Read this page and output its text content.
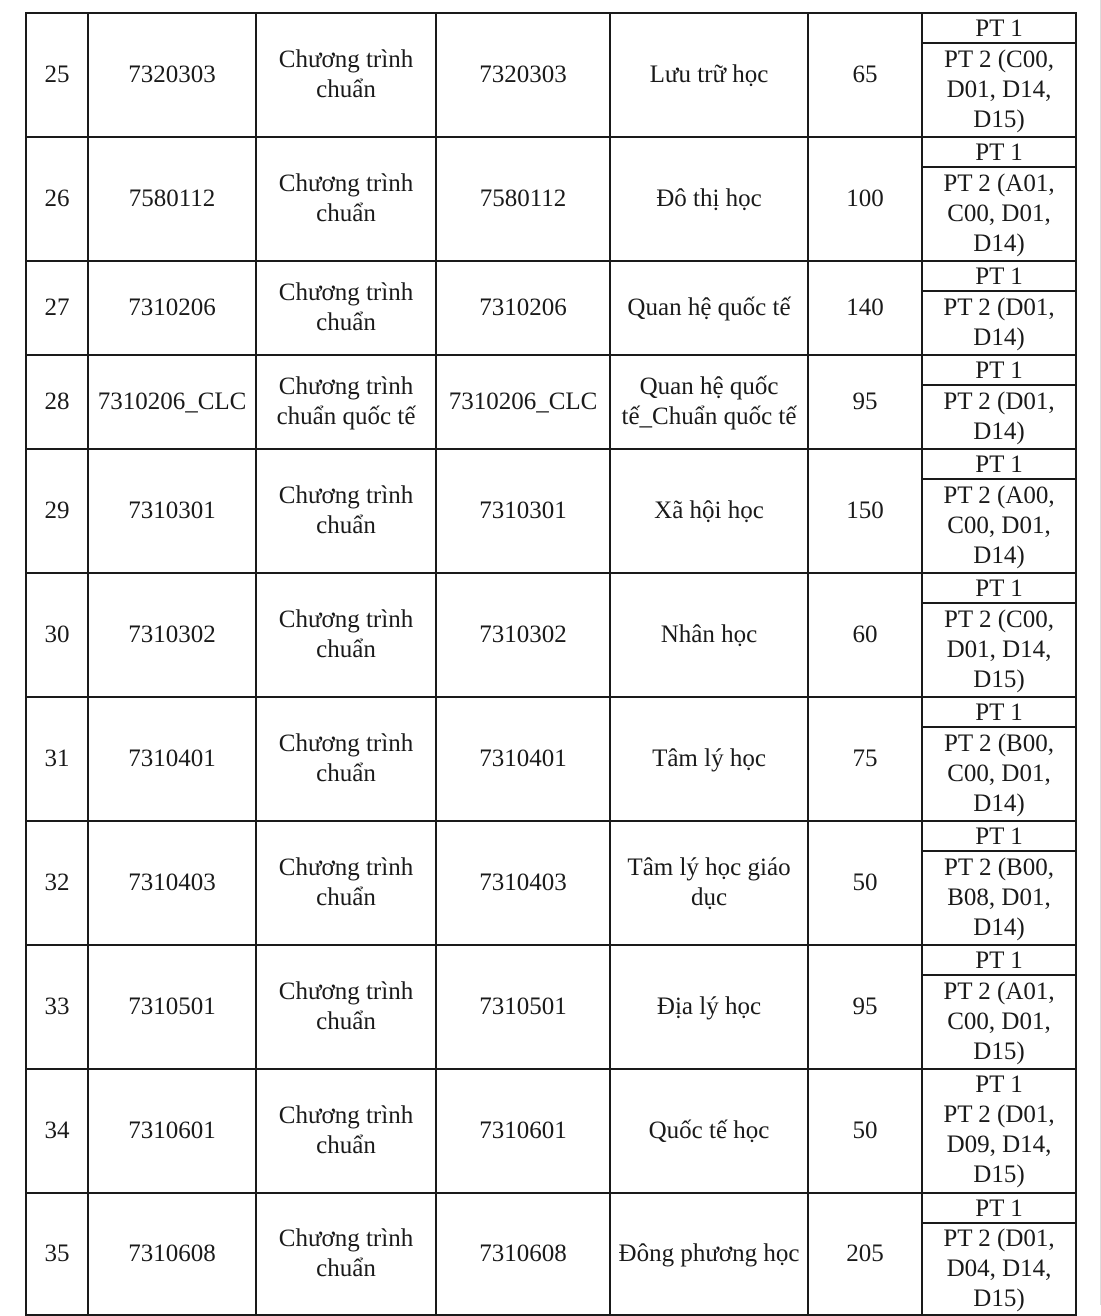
25	7320303	Chương trình chuẩn	7320303	Lưu trữ học	65	PT 1
PT 2 (C00, D01, D14, D15)

26	7580112	Chương trình chuẩn	7580112	Đô thị học	100	PT 1
PT 2 (A01, C00, D01, D14)

27	7310206	Chương trình chuẩn	7310206	Quan hệ quốc tế	140	PT 1
PT 2 (D01, D14)

28	7310206_CLC	Chương trình chuẩn quốc tế	7310206_CLC	Quan hệ quốc tế_Chuẩn quốc tế	95	PT 1
PT 2 (D01, D14)

29	7310301	Chương trình chuẩn	7310301	Xã hội học	150	PT 1
PT 2 (A00, C00, D01, D14)

30	7310302	Chương trình chuẩn	7310302	Nhân học	60	PT 1
PT 2 (C00, D01, D14, D15)

31	7310401	Chương trình chuẩn	7310401	Tâm lý học	75	PT 1
PT 2 (B00, C00, D01, D14)

32	7310403	Chương trình chuẩn	7310403	Tâm lý học giáo dục	50	PT 1
PT 2 (B00, B08, D01, D14)

33	7310501	Chương trình chuẩn	7310501	Địa lý học	95	PT 1
PT 2 (A01, C00, D01, D15)

34	7310601	Chương trình chuẩn	7310601	Quốc tế học	50	PT 1
PT 2 (D01, D09, D14, D15)

35	7310608	Chương trình chuẩn	7310608	Đông phương học	205	PT 1
PT 2 (D01, D04, D14, D15)
